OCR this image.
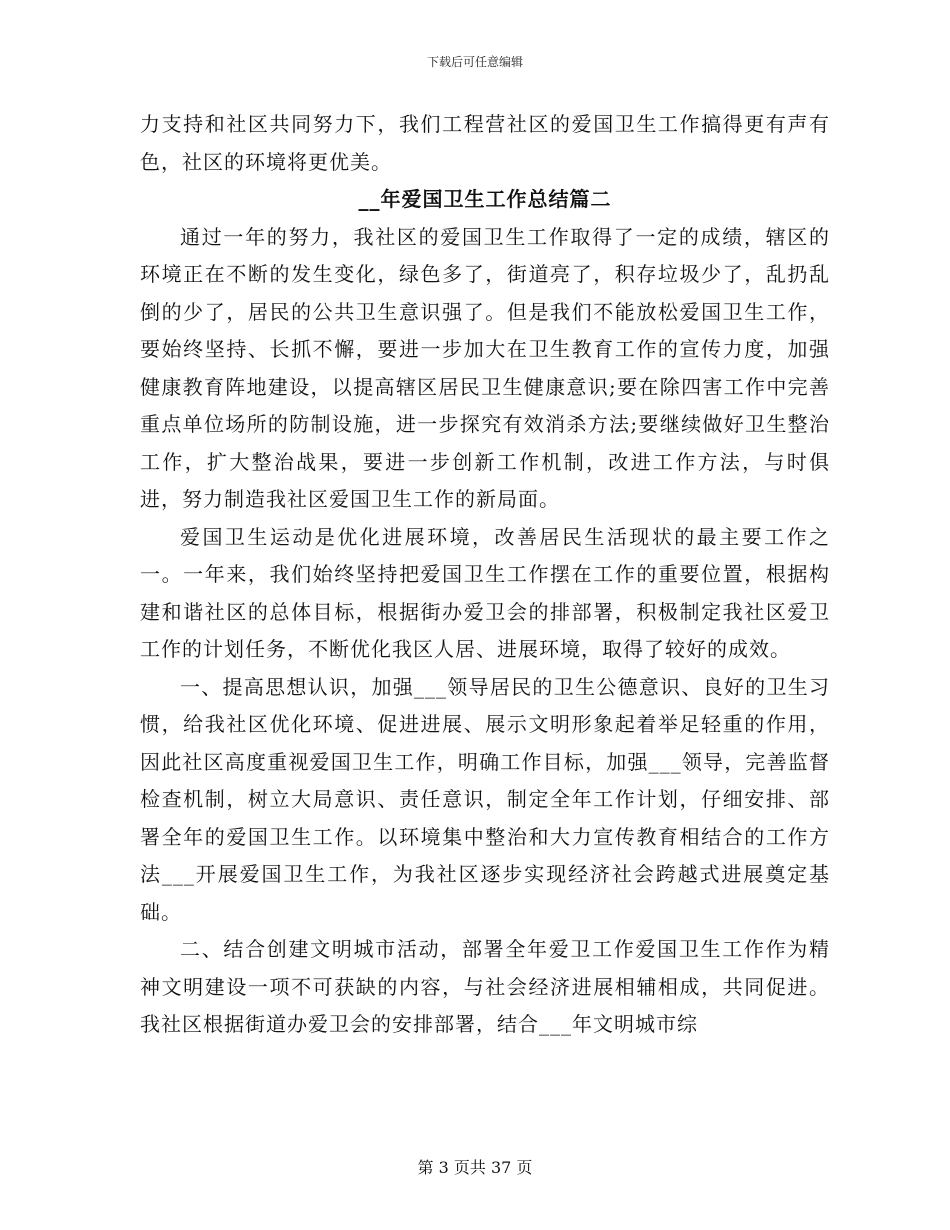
下载后可任意编辑

力支持和社区共同努力下，我们工程营社区的爱国卫生工作搞得更有声有色，社区的环境将更优美。

__年爱国卫生工作总结篇二

通过一年的努力，我社区的爱国卫生工作取得了一定的成绩，辖区的环境正在不断的发生变化，绿色多了，街道亮了，积存垃圾少了，乱扔乱倒的少了，居民的公共卫生意识强了。但是我们不能放松爱国卫生工作，要始终坚持、长抓不懈，要进一步加大在卫生教育工作的宣传力度，加强健康教育阵地建设，以提高辖区居民卫生健康意识;要在除四害工作中完善重点单位场所的防制设施，进一步探究有效消杀方法;要继续做好卫生整治工作，扩大整治战果，要进一步创新工作机制，改进工作方法，与时俱进，努力制造我社区爱国卫生工作的新局面。

爱国卫生运动是优化进展环境，改善居民生活现状的最主要工作之一。一年来，我们始终坚持把爱国卫生工作摆在工作的重要位置，根据构建和谐社区的总体目标，根据街办爱卫会的排部署，积极制定我社区爱卫工作的计划任务，不断优化我区人居、进展环境，取得了较好的成效。

一、提高思想认识，加强___领导居民的卫生公德意识、良好的卫生习惯，给我社区优化环境、促进进展、展示文明形象起着举足轻重的作用，因此社区高度重视爱国卫生工作，明确工作目标，加强___领导，完善监督检查机制，树立大局意识、责任意识，制定全年工作计划，仔细安排、部署全年的爱国卫生工作。以环境集中整治和大力宣传教育相结合的工作方法___开展爱国卫生工作，为我社区逐步实现经济社会跨越式进展奠定基础。

二、结合创建文明城市活动，部署全年爱卫工作爱国卫生工作作为精神文明建设一项不可获缺的内容，与社会经济进展相辅相成，共同促进。我社区根据街道办爱卫会的安排部署，结合___年文明城市综

第 3 页共 37 页
